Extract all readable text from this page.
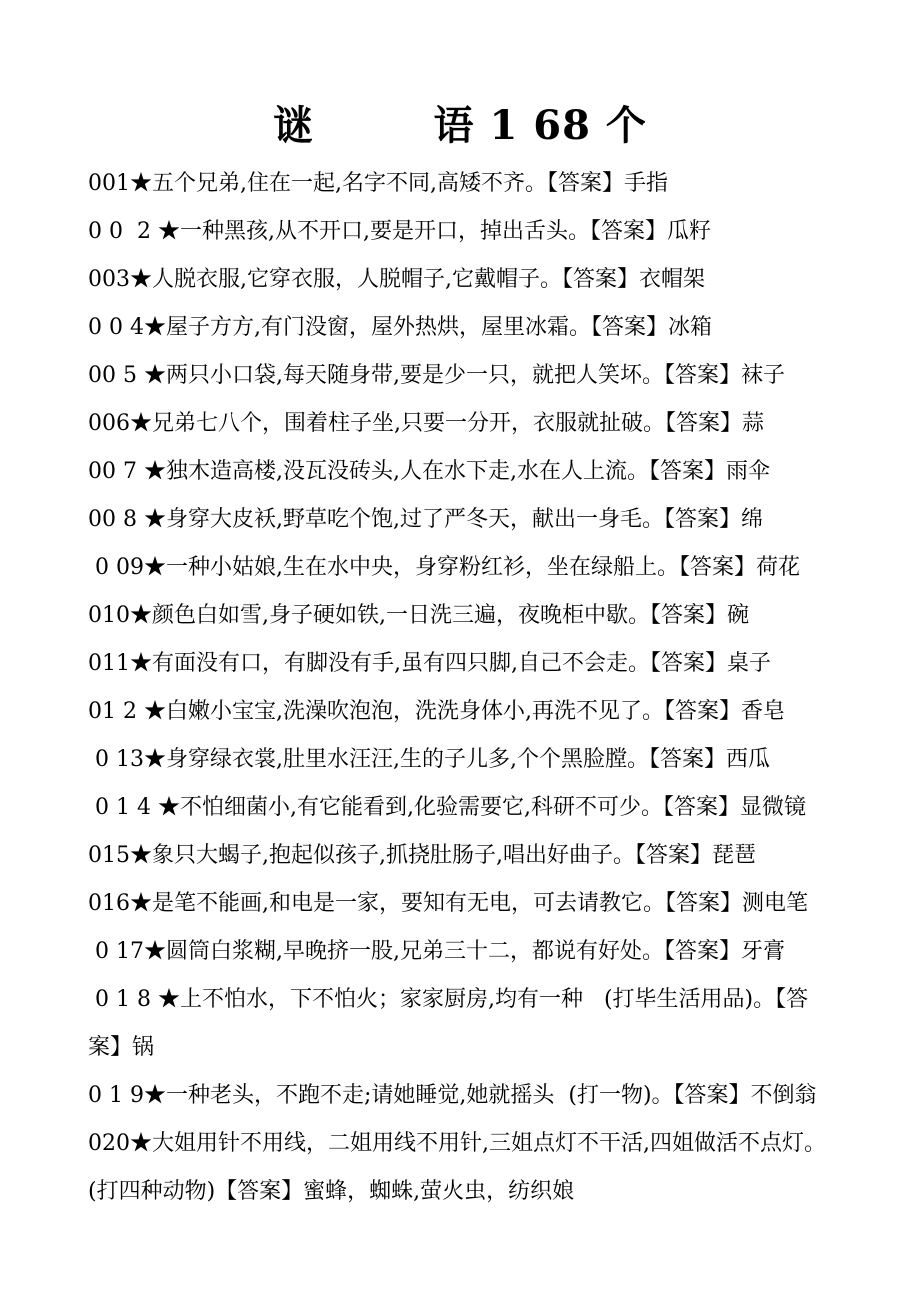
谜        语 1 68 个
001★五个兄弟,住在一起,名字不同,高矮不齐。【答案】手指
0 0  2 ★一种黑孩,从不开口,要是开口，掉出舌头。【答案】瓜籽
003★人脱衣服,它穿衣服，人脱帽子,它戴帽子。【答案】衣帽架
0 0 4★屋子方方,有门没窗，屋外热烘，屋里冰霜。【答案】冰箱
00 5 ★两只小口袋,每天随身带,要是少一只，就把人笑坏。【答案】袜子
006★兄弟七八个，围着柱子坐,只要一分开，衣服就扯破。【答案】蒜
00 7 ★独木造高楼,没瓦没砖头,人在水下走,水在人上流。【答案】雨伞
00 8 ★身穿大皮袄,野草吃个饱,过了严冬天，献出一身毛。【答案】绵
0 09★一种小姑娘,生在水中央，身穿粉红衫，坐在绿船上。【答案】荷花
010★颜色白如雪,身子硬如铁,一日洗三遍，夜晚柜中歇。【答案】碗
011★有面没有口，有脚没有手,虽有四只脚,自己不会走。【答案】桌子
01 2 ★白嫩小宝宝,洗澡吹泡泡，洗洗身体小,再洗不见了。【答案】香皂
0 13★身穿绿衣裳,肚里水汪汪,生的子儿多,个个黑脸膛。【答案】西瓜
0 1 4 ★不怕细菌小,有它能看到,化验需要它,科研不可少。【答案】显微镜
015★象只大蝎子,抱起似孩子,抓挠肚肠子,唱出好曲子。【答案】琵琶
016★是笔不能画,和电是一家，要知有无电，可去请教它。【答案】测电笔
0 17★圆筒白浆糊,早晚挤一股,兄弟三十二，都说有好处。【答案】牙膏
0 1 8 ★上不怕水，下不怕火；家家厨房,均有一种   (打毕生活用品)。【答案】锅
0 1 9★一种老头，不跑不走;请她睡觉,她就摇头  (打一物)。【答案】不倒翁
020★大姐用针不用线，二姐用线不用针,三姐点灯不干活,四姐做活不点灯。(打四种动物)【答案】蜜蜂，蜘蛛,萤火虫，纺织娘
